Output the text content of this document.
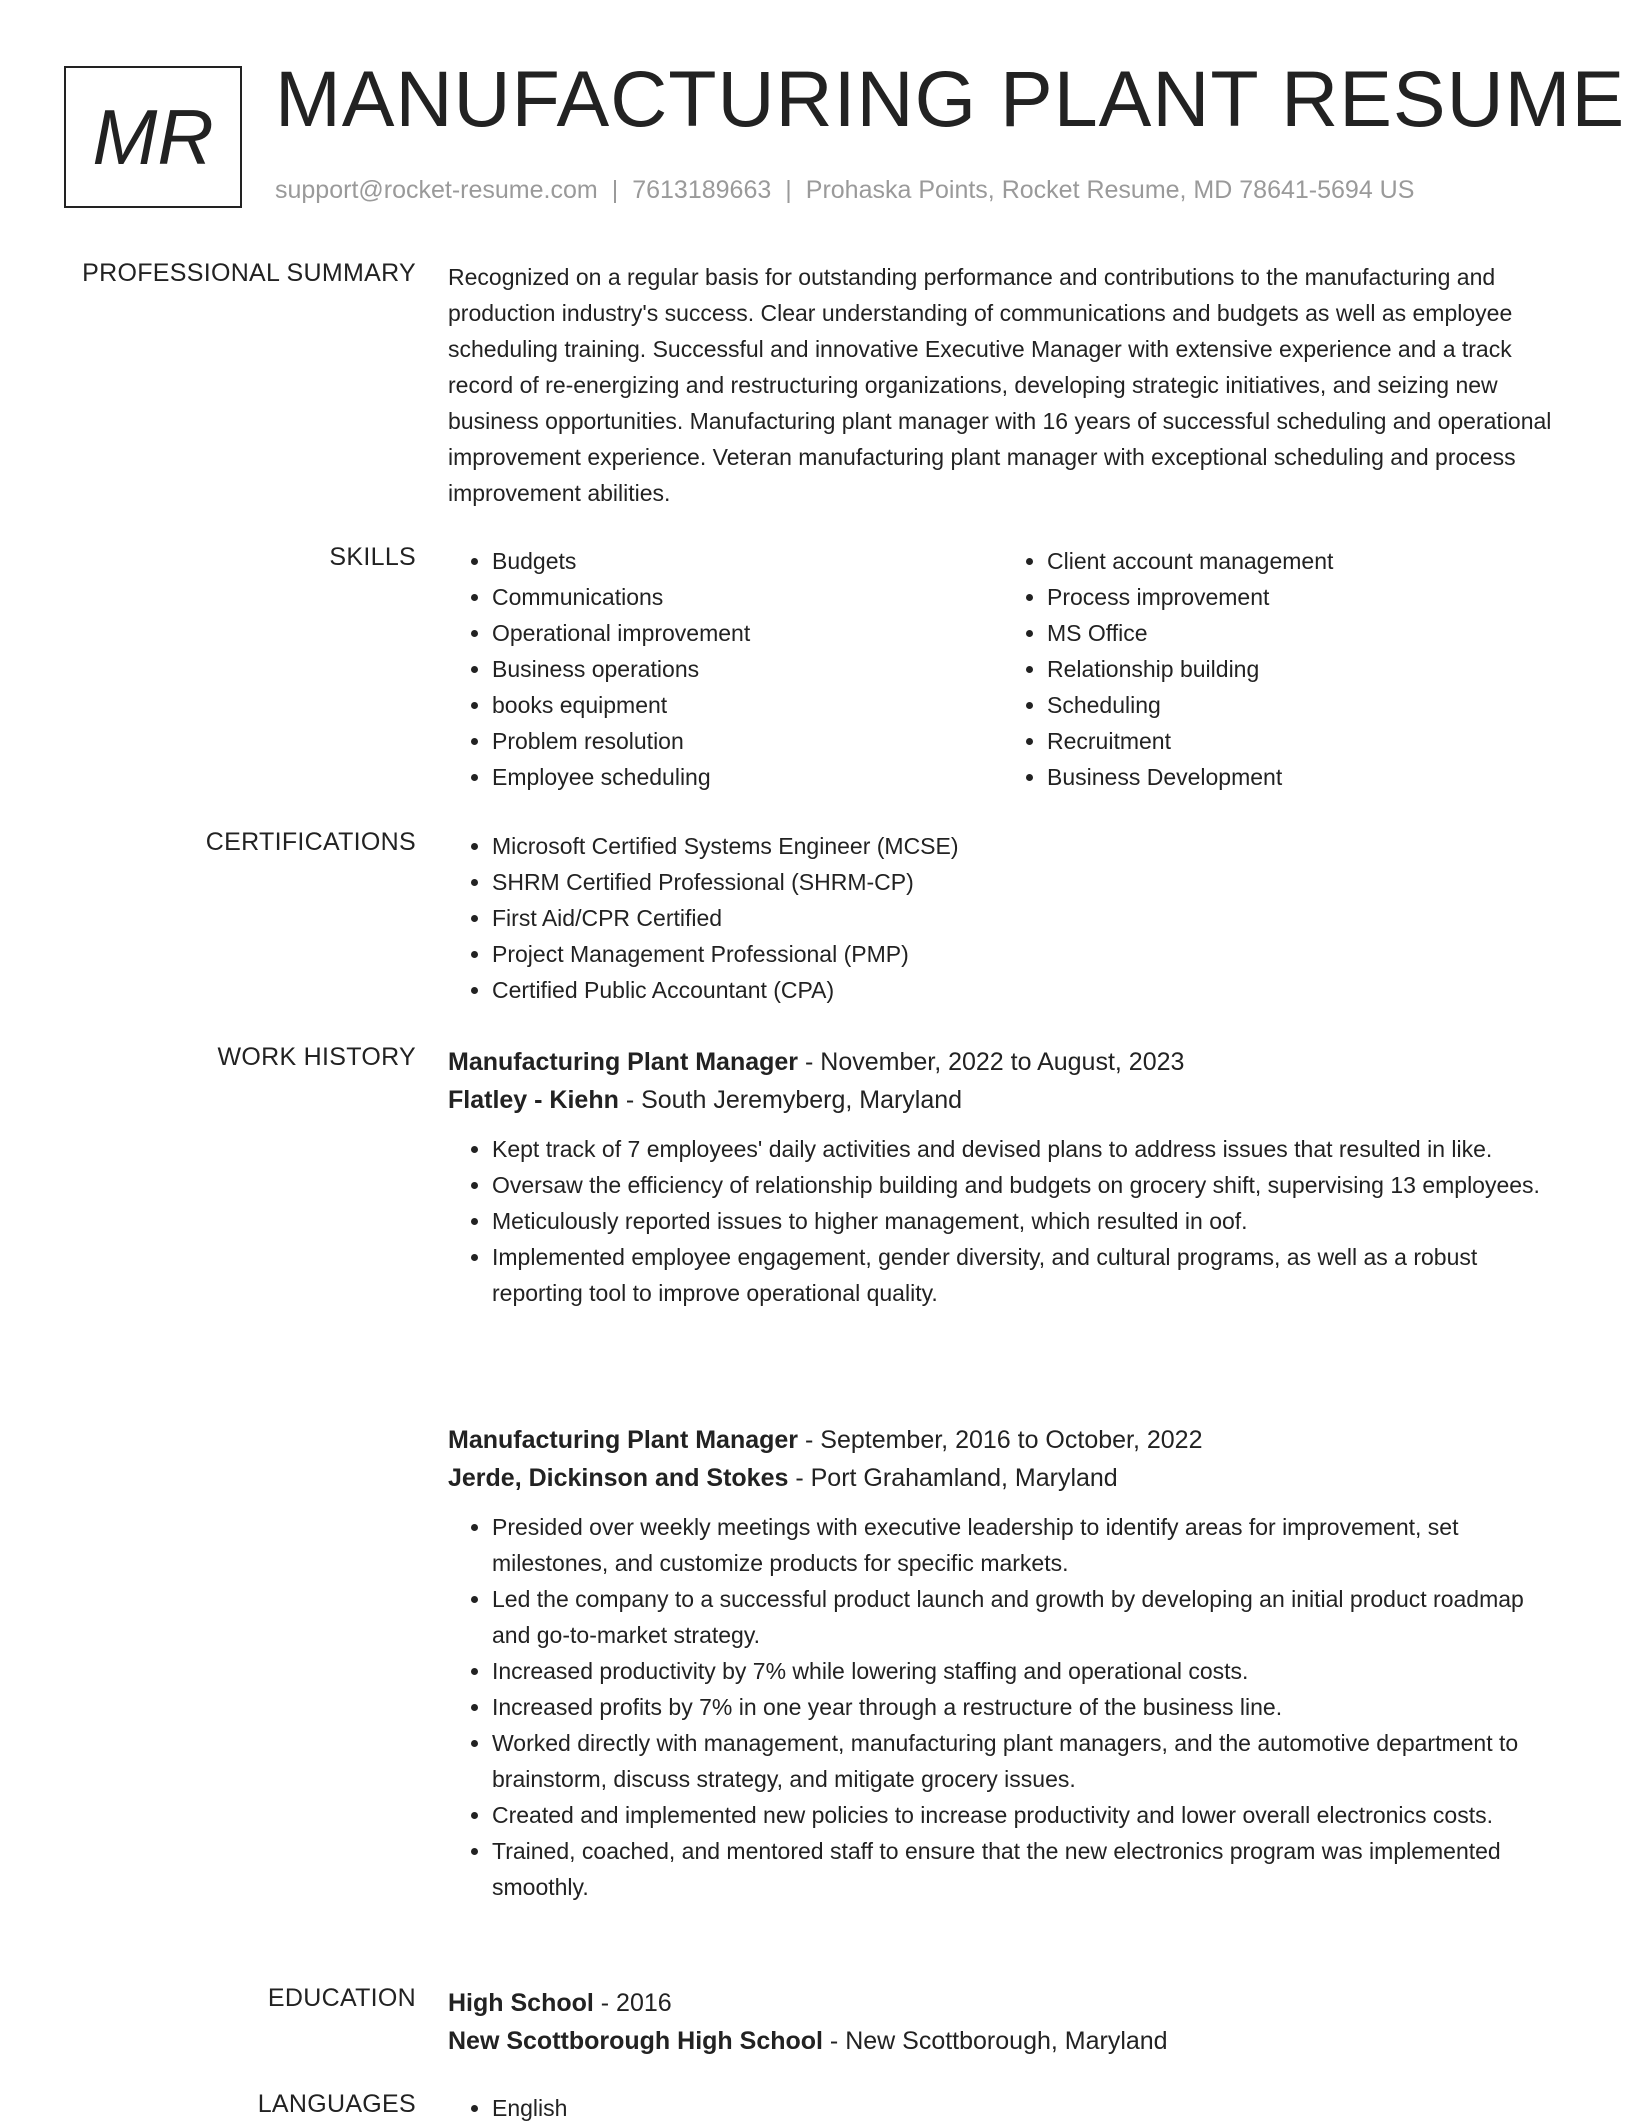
MR MANUFACTURING PLANT RESUME
support@rocket-resume.com | 7613189663 | Prohaska Points, Rocket Resume, MD 78641-5694 US
PROFESSIONAL SUMMARY Recognized on a regular basis for outstanding performance and contributions to the manufacturing and production industry's success. Clear understanding of communications and budgets as well as employee scheduling training. Successful and innovative Executive Manager with extensive experience and a track record of re-energizing and restructuring organizations, developing strategic initiatives, and seizing new business opportunities. Manufacturing plant manager with 16 years of successful scheduling and operational improvement experience. Veteran manufacturing plant manager with exceptional scheduling and process improvement abilities.

SKILLS	• Budgets
• Communications
• Operational improvement
• Business operations
• books equipment
• Problem resolution
• Employee scheduling
• Client account management
• Process improvement
• MS Office
• Relationship building
• Scheduling
• Recruitment
• Business Development
CERTIFICATIONS	• Microsoft Certified Systems Engineer (MCSE)
• SHRM Certified Professional (SHRM-CP)
• First Aid/CPR Certified
• Project Management Professional (PMP)
• Certified Public Accountant (CPA)
WORK HISTORY Manufacturing Plant Manager - November, 2022 to August, 2023
Flatley - Kiehn - South Jeremyberg, Maryland
• Kept track of 7 employees' daily activities and devised plans to address issues that resulted in like.
• Oversaw the efficiency of relationship building and budgets on grocery shift, supervising 13 employees.
• Meticulously reported issues to higher management, which resulted in oof.
• Implemented employee engagement, gender diversity, and cultural programs, as well as a robust reporting tool to improve operational quality.
Manufacturing Plant Manager - September, 2016 to October, 2022
Jerde, Dickinson and Stokes - Port Grahamland, Maryland
• Presided over weekly meetings with executive leadership to identify areas for improvement, set milestones, and customize products for specific markets.
• Led the company to a successful product launch and growth by developing an initial product roadmap and go-to-market strategy.
• Increased productivity by 7% while lowering staffing and operational costs.
• Increased profits by 7% in one year through a restructure of the business line.
• Worked directly with management, manufacturing plant managers, and the automotive department to brainstorm, discuss strategy, and mitigate grocery issues.
• Created and implemented new policies to increase productivity and lower overall electronics costs.
• Trained, coached, and mentored staff to ensure that the new electronics program was implemented smoothly.
EDUCATION High School - 2016
New Scottborough High School - New Scottborough, Maryland
LANGUAGES	• English
